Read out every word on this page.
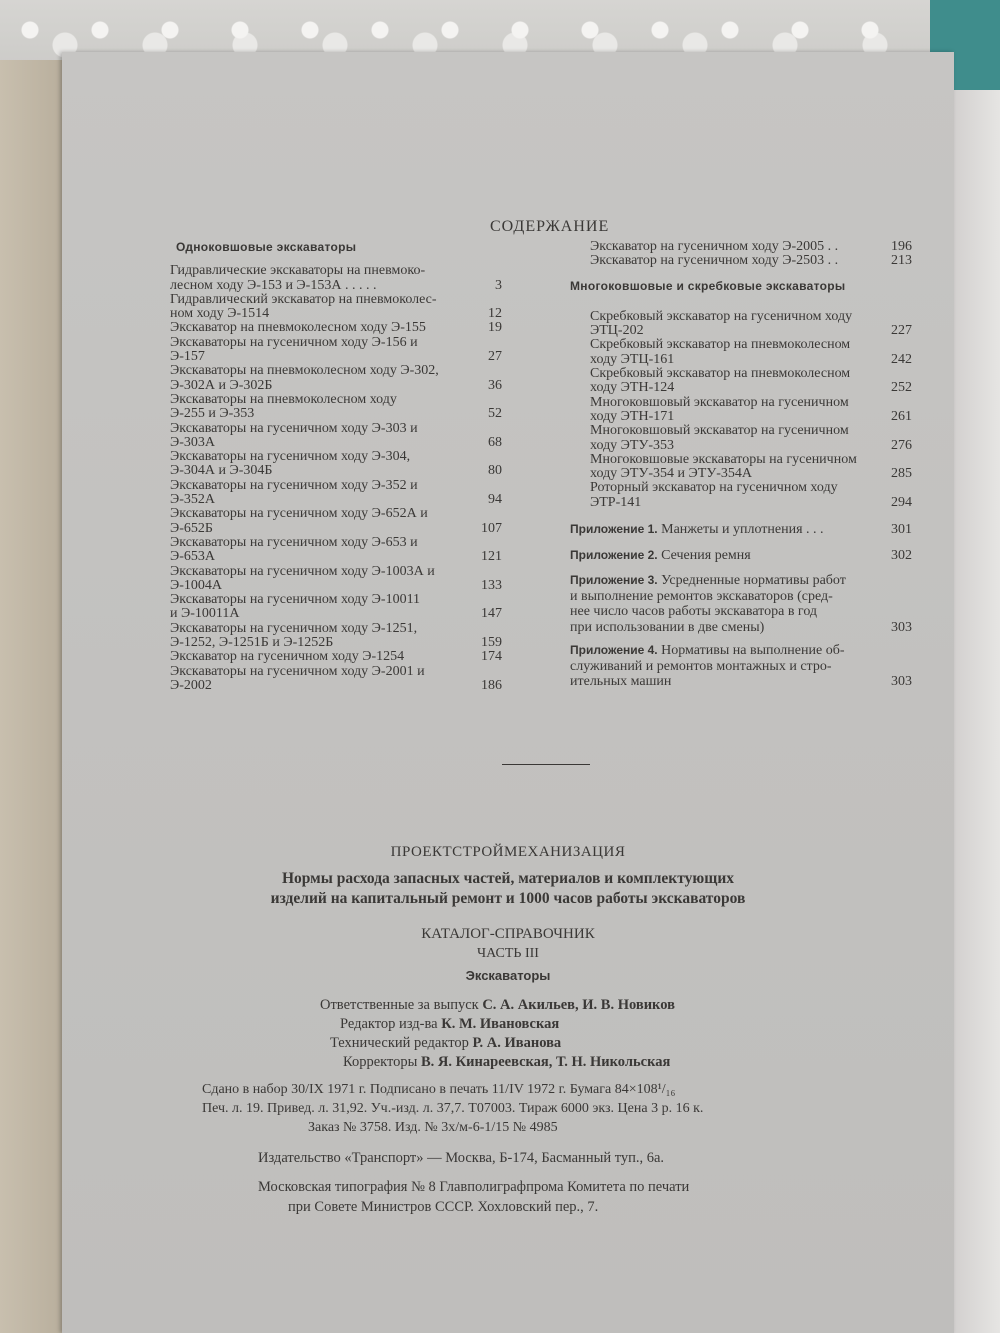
СОДЕРЖАНИЕ
Одноковшовые экскаваторы
Гидравлические экскаваторы на пневмоко-
лесном ходу Э-153 и Э-153А . . . . .	3
Гидравлический экскаватор на пневмоколес-
ном ходу Э-1514	12
Экскаватор на пневмоколесном ходу Э-155	19
Экскаваторы на гусеничном ходу Э-156 и
Э-157	27
Экскаваторы на пневмоколесном ходу Э-302,
Э-302А и Э-302Б	36
Экскаваторы на пневмоколесном ходу
Э-255 и Э-353	52
Экскаваторы на гусеничном ходу Э-303 и
Э-303А	68
Экскаваторы на гусеничном ходу Э-304,
Э-304А и Э-304Б	80
Экскаваторы на гусеничном ходу Э-352 и
Э-352А	94
Экскаваторы на гусеничном ходу Э-652А и
Э-652Б	107
Экскаваторы на гусеничном ходу Э-653 и
Э-653А	121
Экскаваторы на гусеничном ходу Э-1003А и
Э-1004А	133
Экскаваторы на гусеничном ходу Э-10011
и Э-10011А	147
Экскаваторы на гусеничном ходу Э-1251,
Э-1252, Э-1251Б и Э-1252Б	159
Экскаватор на гусеничном ходу Э-1254	174
Экскаваторы на гусеничном ходу Э-2001 и
Э-2002	186
Экскаватор на гусеничном ходу Э-2005 . .	196
Экскаватор на гусеничном ходу Э-2503 . .	213
Многоковшовые и скребковые экскаваторы
Скребковый экскаватор на гусеничном ходу
ЭТЦ-202	227
Скребковый экскаватор на пневмоколесном
ходу ЭТЦ-161	242
Скребковый экскаватор на пневмоколесном
ходу ЭТН-124	252
Многоковшовый экскаватор на гусеничном
ходу ЭТН-171	261
Многоковшовый экскаватор на гусеничном
ходу ЭТУ-353	276
Многоковшовые экскаваторы на гусеничном
ходу ЭТУ-354 и ЭТУ-354А	285
Роторный экскаватор на гусеничном ходу
ЭТР-141	294
Приложение 1. Манжеты и уплотнения . . .	301
Приложение 2. Сечения ремня	302
Приложение 3. Усредненные нормативы работ
и выполнение ремонтов экскаваторов (сред-
нее число часов работы экскаватора в год
при использовании в две смены)	303
Приложение 4. Нормативы на выполнение об-
служиваний и ремонтов монтажных и стро-
ительных машин	303
ПРОЕКТСТРОЙМЕХАНИЗАЦИЯ
Нормы расхода запасных частей, материалов и комплектующих
изделий на капитальный ремонт и 1000 часов работы экскаваторов
КАТАЛОГ-СПРАВОЧНИК
ЧАСТЬ III
Экскаваторы
Ответственные за выпуск С. А. Акильев, И. В. Новиков
Редактор изд-ва К. М. Ивановская
Технический редактор Р. А. Иванова
Корректоры В. Я. Кинареевская, Т. Н. Никольская
Сдано в набор 30/IX 1971 г. Подписано в печать 11/IV 1972 г. Бумага 84×108¹/₁₆
Печ. л. 19. Привед. л. 31,92. Уч.-изд. л. 37,7. Т07003. Тираж 6000 экз. Цена 3 р. 16 к.
Заказ № 3758. Изд. № 3х/м-6-1/15 № 4985
Издательство «Транспорт» — Москва, Б-174, Басманный туп., 6а.
Московская типография № 8 Главполиграфпрома Комитета по печати
при Совете Министров СССР. Хохловский пер., 7.
